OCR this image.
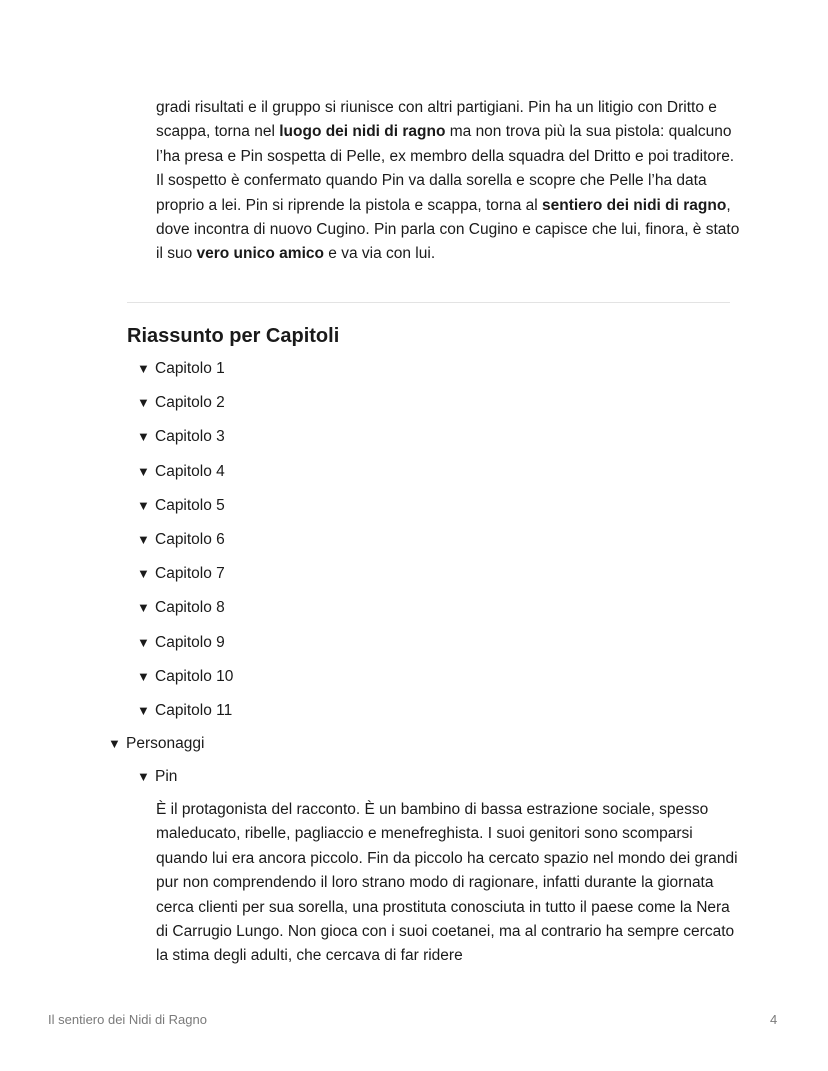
gradi risultati e il gruppo si riunisce con altri partigiani. Pin ha un litigio con Dritto e scappa, torna nel luogo dei nidi di ragno ma non trova più la sua pistola: qualcuno l’ha presa e Pin sospetta di Pelle, ex membro della squadra del Dritto e poi traditore. Il sospetto è confermato quando Pin va dalla sorella e scopre che Pelle l’ha data proprio a lei. Pin si riprende la pistola e scappa, torna al sentiero dei nidi di ragno, dove incontra di nuovo Cugino. Pin parla con Cugino e capisce che lui, finora, è stato il suo vero unico amico e va via con lui.

Riassunto per Capitoli
▼ Capitolo 1
▼ Capitolo 2
▼ Capitolo 3
▼ Capitolo 4
▼ Capitolo 5
▼ Capitolo 6
▼ Capitolo 7
▼ Capitolo 8
▼ Capitolo 9
▼ Capitolo 10
▼ Capitolo 11
▼ Personaggi
▼ Pin

È il protagonista del racconto. È un bambino di bassa estrazione sociale, spesso maleducato, ribelle, pagliaccio e menefreghista. I suoi genitori sono scomparsi quando lui era ancora piccolo. Fin da piccolo ha cercato spazio nel mondo dei grandi pur non comprendendo il loro strano modo di ragionare, infatti durante la giornata cerca clienti per sua sorella, una prostituta conosciuta in tutto il paese come la Nera di Carrugio Lungo. Non gioca con i suoi coetanei, ma al contrario ha sempre cercato la stima degli adulti, che cercava di far ridere

Il sentiero dei Nidi di Ragno	4
